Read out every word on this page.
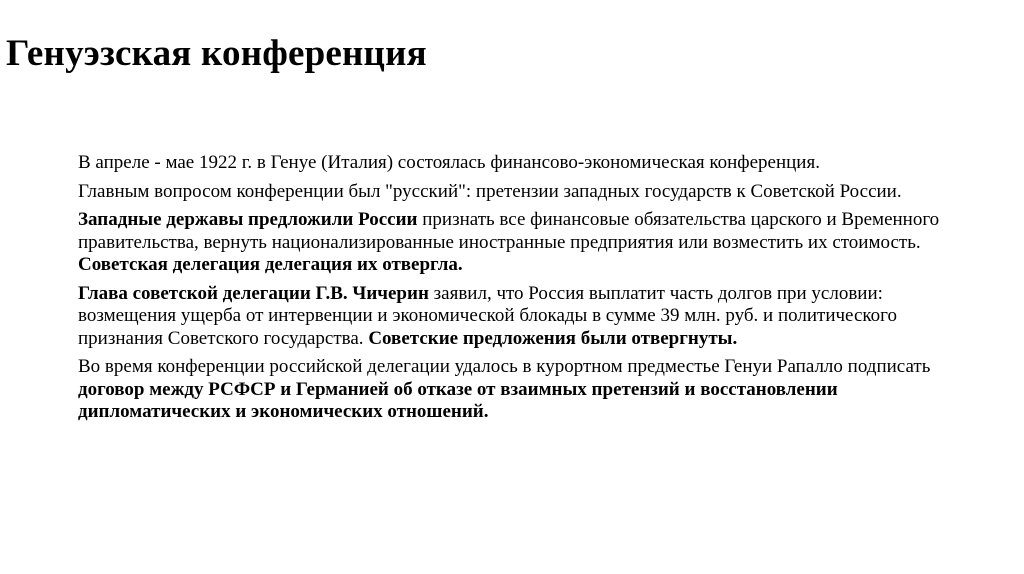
Генуэзская конференция

В апреле - мае 1922 г. в Генуе (Италия) состоялась финансово-экономическая конференция.

Главным вопросом конференции был "русский": претензии западных государств к Советской России.

Западные державы предложили России признать все финансовые обязательства царского и Временного правительства, вернуть национализированные иностранные предприятия или возместить их стоимость. Советская делегация делегация их отвергла.

Глава советской делегации Г.В. Чичерин заявил, что Россия выплатит часть долгов при условии: возмещения ущерба от интервенции и экономической блокады в сумме 39 млн. руб. и политического признания Советского государства. Советские предложения были отвергнуты.

Во время конференции российской делегации удалось в курортном предместье Генуи Рапалло подписать договор между РСФСР и Германией об отказе от взаимных претензий и восстановлении дипломатических и экономических отношений.
